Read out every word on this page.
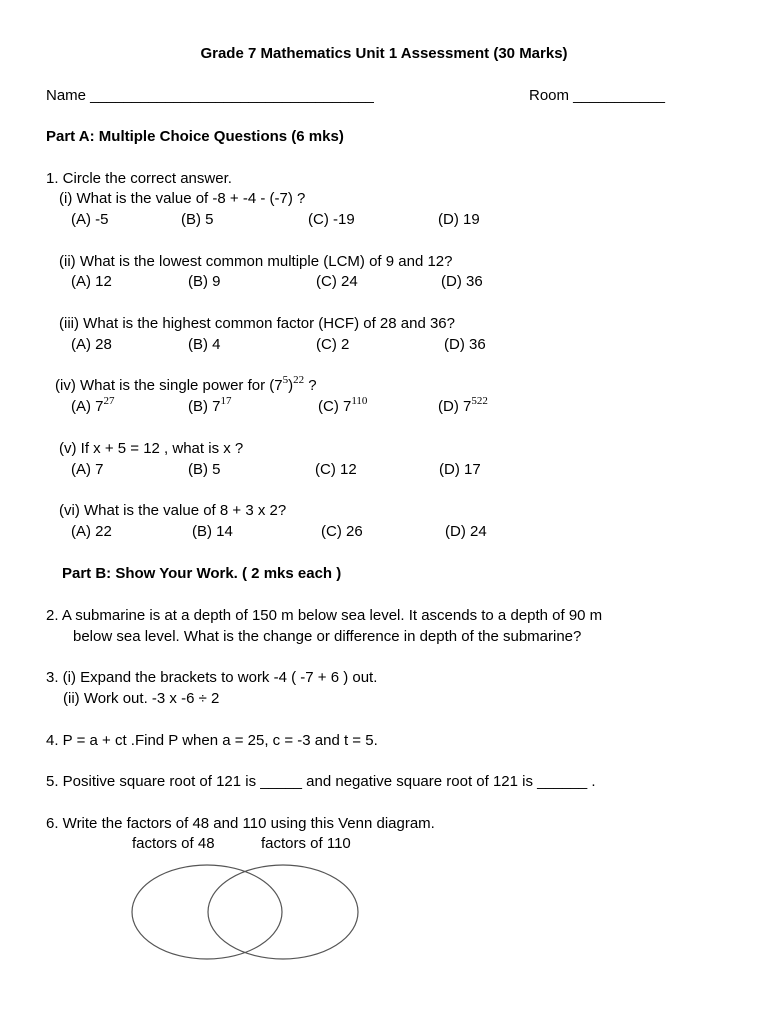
Grade 7 Mathematics Unit 1 Assessment (30 Marks)
Name __________________________________	Room ___________
Part A: Multiple Choice Questions (6 mks)
1. Circle the correct answer.
(i) What is the value of -8 + -4 - (-7) ?
(A) -5	(B) 5	(C) -19	(D) 19
(ii) What is the lowest common multiple (LCM) of 9 and 12?
(A) 12	(B) 9	(C) 24	(D) 36
(iii) What is the highest common factor (HCF) of 28 and 36?
(A) 28	(B) 4	(C) 2	(D) 36
(iv) What is the single power for $(7^5)^{22}$ ?
(A) $7^{27}$	(B) $7^{17}$	(C) $7^{110}$	(D) $7^{522}$
(v) If x + 5 = 12 , what is x ?
(A) 7	(B) 5	(C) 12	(D) 17
(vi) What is the value of 8 + 3 x 2?
(A) 22	(B) 14	(C) 26	(D) 24
Part B: Show Your Work. ( 2 mks each )
2. A submarine is at a depth of 150 m below sea level. It ascends to a depth of 90 m
below sea level. What is the change or difference in depth of the submarine?
3. (i) Expand the brackets to work -4 ( -7 + 6 ) out.
(ii) Work out. -3 x -6 ÷ 2
4. P = a + ct .Find P when a = 25, c = -3 and t = 5.
5. Positive square root of 121 is _____ and negative square root of 121 is ______ .
6. Write the factors of 48 and 110 using this Venn diagram.
factors of 48	factors of 110
